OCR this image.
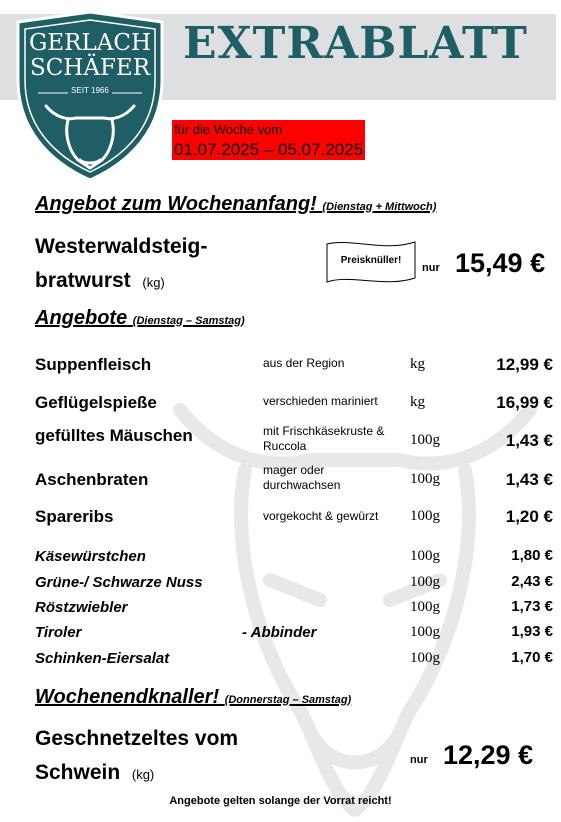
EXTRABLATT
GERLACH
SCHÄFER
SEIT 1966
für die Woche vom
01.07.2025 – 05.07.2025
Angebot zum Wochenanfang! (Dienstag + Mittwoch)
Westerwaldsteig-
bratwurst (kg)
Preisknüller!
nur 15,49 €
Angebote (Dienstag – Samstag)
Suppenfleisch	aus der Region	kg	12,99 €
Geflügelspieße	verschieden mariniert	kg	16,99 €
gefülltes Mäuschen	mit Frischkäsekruste & Ruccola	100g	1,43 €
Aschenbraten	mager oder durchwachsen	100g	1,43 €
Spareribs	vorgekocht & gewürzt	100g	1,20 €
Käsewürstchen	100g	1,80 €
Grüne-/ Schwarze Nuss	100g	2,43 €
Röstzwiebler	100g	1,73 €
Tiroler	- Abbinder	100g	1,93 €
Schinken-Eiersalat	100g	1,70 €
Wochenendknaller! (Donnerstag – Samstag)
Geschnetzeltes vom
Schwein (kg)
nur 12,29 €
Angebote gelten solange der Vorrat reicht!
